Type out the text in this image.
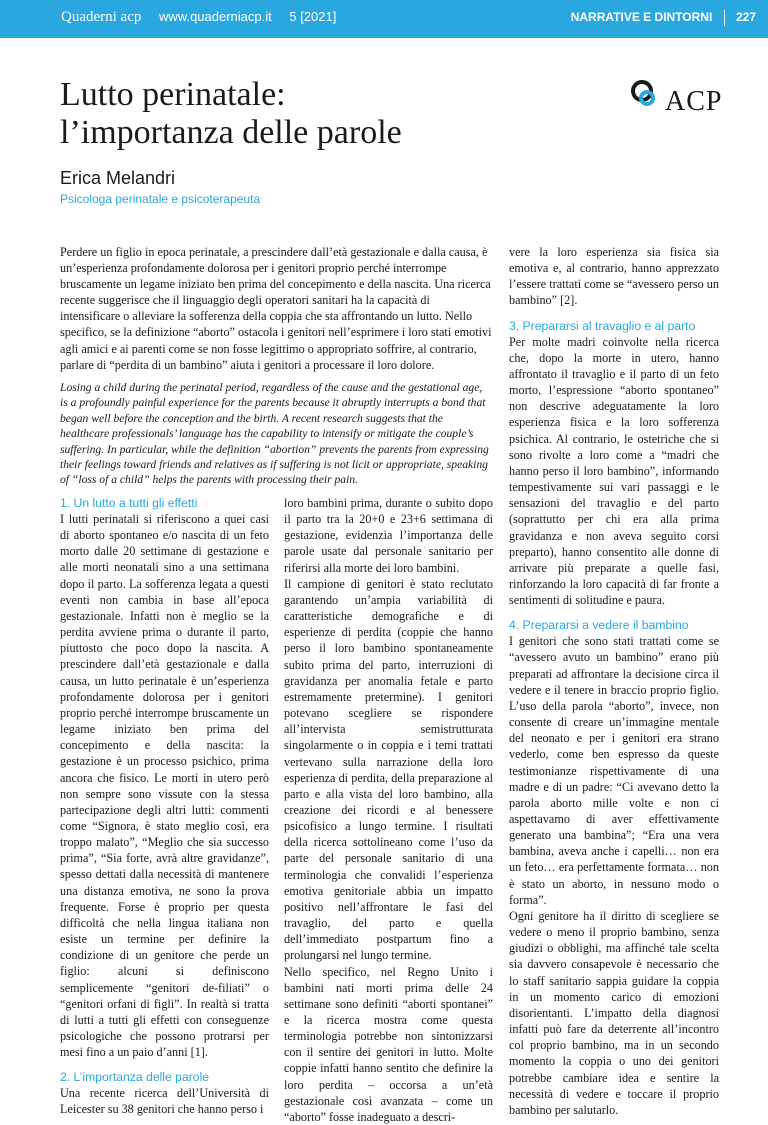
Quaderni acp www.quaderniacp.it 5 [2021]	NARRATIVE E DINTORNI 227
ACP
Lutto perinatale:
l’importanza delle parole
Erica Melandri
Psicologa perinatale e psicoterapeuta
Perdere un figlio in epoca perinatale, a prescindere dall’età gestazionale e dalla causa, è un’esperienza profondamente dolorosa per i genitori proprio perché interrompe bruscamente un legame iniziato ben prima del concepimento e della nascita. Una ricerca recente suggerisce che il linguaggio degli operatori sanitari ha la capacità di intensificare o alleviare la sofferenza della coppia che sta affrontando un lutto. Nello specifico, se la definizione “aborto” ostacola i genitori nell’esprimere i loro stati emotivi agli amici e ai parenti come se non fosse legittimo o appropriato soffrire, al contrario, parlare di “perdita di un bambino” aiuta i genitori a processare il loro dolore.
Losing a child during the perinatal period, regardless of the cause and the gestational age, is a profoundly painful experience for the parents because it abruptly interrupts a bond that began well before the conception and the birth. A recent research suggests that the healthcare professionals’ language has the capability to intensify or mitigate the couple’s suffering. In particular, while the definition “abortion” prevents the parents from expressing their feelings toward friends and relatives as if suffering is not licit or appropriate, speaking of “loss of a child” helps the parents with processing their pain.
1. Un lutto a tutti gli effetti

I lutti perinatali si riferiscono a quei casi di aborto spontaneo e/o nascita di un feto morto dalle 20 settimane di gestazione e alle morti neonatali sino a una settimana dopo il parto. La sofferenza legata a questi eventi non cambia in base all’epoca gestazionale. Infatti non è meglio se la perdita avviene prima o durante il parto, piuttosto che poco dopo la nascita. A prescindere dall’età gestazionale e dalla causa, un lutto perinatale è un’esperienza profondamente dolorosa per i genitori proprio perché interrompe bruscamente un legame iniziato ben prima del concepimento e della nascita: la gestazione è un processo psichico, prima ancora che fisico. Le morti in utero però non sempre sono vissute con la stessa partecipazione degli altri lutti: commenti come “Signora, è stato meglio così, era troppo malato”, “Meglio che sia successo prima”, “Sia forte, avrà altre gravidanze”, spesso dettati dalla necessità di mantenere una distanza emotiva, ne sono la prova frequente. Forse è proprio per questa difficoltà che nella lingua italiana non esiste un termine per definire la condizione di un genitore che perde un figlio: alcuni si definiscono semplicemente “genitori de-filiati” o “genitori orfani di figli”. In realtà si tratta di lutti a tutti gli effetti con conseguenze psicologiche che possono protrarsi per mesi fino a un paio d’anni [1].

2. L’importanza delle parole

Una recente ricerca dell’Università di Leicester su 38 genitori che hanno perso i

loro bambini prima, durante o subito dopo il parto tra la 20+0 e 23+6 settimana di gestazione, evidenzia l’importanza delle parole usate dal personale sanitario per riferirsi alla morte dei loro bambini.

Il campione di genitori è stato reclutato garantendo un’ampia variabilità di caratteristiche demografiche e di esperienze di perdita (coppie che hanno perso il loro bambino spontaneamente subito prima del parto, interruzioni di gravidanza per anomalia fetale e parto estremamente pretermine). I genitori potevano scegliere se rispondere all’intervista semistrutturata singolarmente o in coppia e i temi trattati vertevano sulla narrazione della loro esperienza di perdita, della preparazione al parto e alla vista del loro bambino, alla creazione dei ricordi e al benessere psicofisico a lungo termine. I risultati della ricerca sottolineano come l’uso da parte del personale sanitario di una terminologia che convalidi l’esperienza emotiva genitoriale abbia un impatto positivo nell’affrontare le fasi del travaglio, del parto e quella dell’immediato postpartum fino a prolungarsi nel lungo termine.

Nello specifico, nel Regno Unito i bambini nati morti prima delle 24 settimane sono definiti “aborti spontanei” e la ricerca mostra come questa terminologia potrebbe non sintonizzarsi con il sentire dei genitori in lutto. Molte coppie infatti hanno sentito che definire la loro perdita – occorsa a un’età gestazionale così avanzata – come un “aborto” fosse inadeguato a descri-

vere la loro esperienza sia fisica sia emotiva e, al contrario, hanno apprezzato l’essere trattati come se “avessero perso un bambino” [2].

3. Prepararsi al travaglio e al parto

Per molte madri coinvolte nella ricerca che, dopo la morte in utero, hanno affrontato il travaglio e il parto di un feto morto, l’espressione “aborto spontaneo” non descrive adeguatamente la loro esperienza fisica e la loro sofferenza psichica. Al contrario, le ostetriche che si sono rivolte a loro come a “madri che hanno perso il loro bambino”, informando tempestivamente sui vari passaggi e le sensazioni del travaglio e del parto (soprattutto per chi era alla prima gravidanza e non aveva seguito corsi preparto), hanno consentito alle donne di arrivare più preparate a quelle fasi, rinforzando la loro capacità di far fronte a sentimenti di solitudine e paura.

4. Prepararsi a vedere il bambino

I genitori che sono stati trattati come se “avessero avuto un bambino” erano più preparati ad affrontare la decisione circa il vedere e il tenere in braccio proprio figlio. L’uso della parola “aborto”, invece, non consente di creare un’immagine mentale del neonato e per i genitori era strano vederlo, come ben espresso da queste testimonianze rispettivamente di una madre e di un padre: “Ci avevano detto la parola aborto mille volte e non ci aspettavamo di aver effettivamente generato una bambina”; “Era una vera bambina, aveva anche i capelli… non era un feto… era perfettamente formata… non è stato un aborto, in nessuno modo o forma”.

Ogni genitore ha il diritto di scegliere se vedere o meno il proprio bambino, senza giudizi o obblighi, ma affinché tale scelta sia davvero consapevole è necessario che lo staff sanitario sappia guidare la coppia in un momento carico di emozioni disorientanti. L’impatto della diagnosi infatti può fare da deterrente all’incontro col proprio bambino, ma in un secondo momento la coppia o uno dei genitori potrebbe cambiare idea e sentire la necessità di vedere e toccare il proprio bambino per salutarlo.
